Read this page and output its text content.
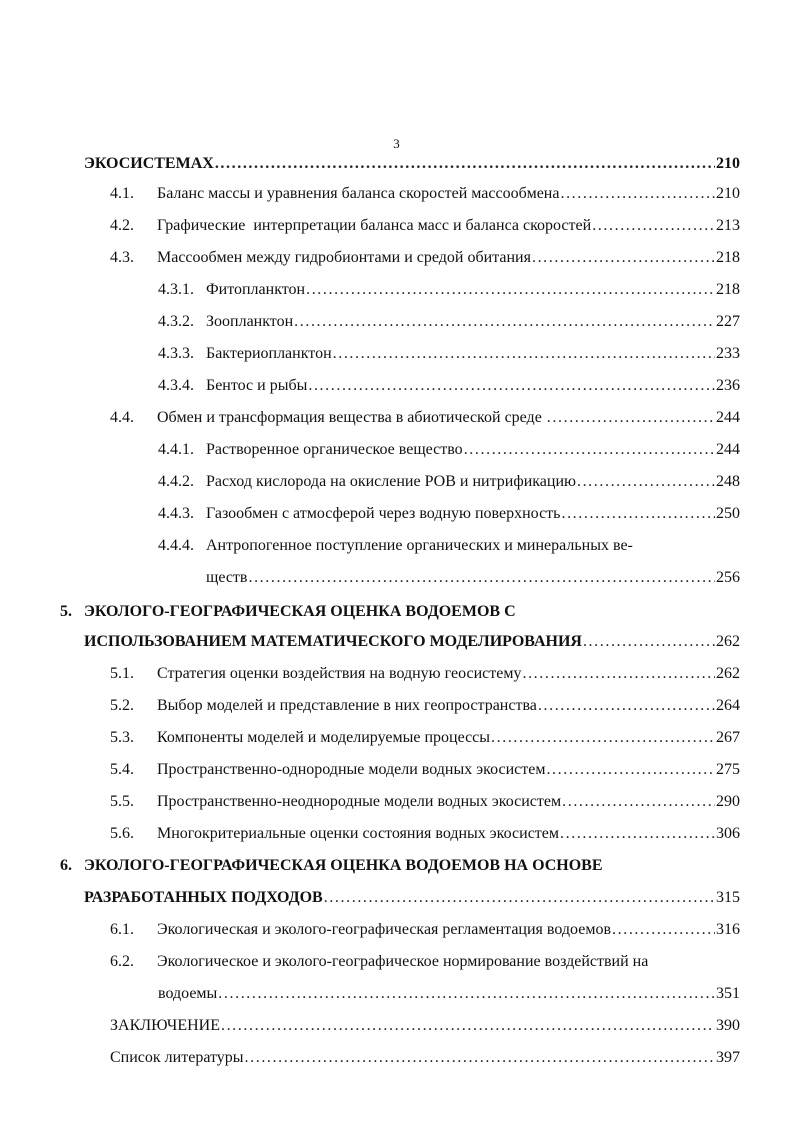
3
ЭКОСИСТЕМАХ . . .	210
4.1.	Баланс массы и уравнения баланса скоростей массообмена . . .	210
4.2.	Графические  интерпретации баланса масс и баланса скоростей . . .	213
4.3.	Массообмен между гидробионтами и средой обитания . . .	218
4.3.1. Фитопланктон . . .	218
4.3.2. Зоопланктон . . .	227
4.3.3. Бактериопланктон . . .	233
4.3.4. Бентос и рыбы . . .	236
4.4.	Обмен и трансформация вещества в абиотической среде . . .	244
4.4.1. Растворенное органическое вещество . . .	244
4.4.2. Расход кислорода на окисление РОВ и нитрификацию . . .	248
4.4.3. Газообмен с атмосферой через водную поверхность . . .	250
4.4.4. Антропогенное поступление органических и минеральных ве-
ществ . . .	256
5. ЭКОЛОГО-ГЕОГРАФИЧЕСКАЯ ОЦЕНКА ВОДОЕМОВ С
ИСПОЛЬЗОВАНИЕМ МАТЕМАТИЧЕСКОГО МОДЕЛИРОВАНИЯ . . .	262
5.1.	Стратегия оценки воздействия на водную геосистему . . .	262
5.2.	Выбор моделей и представление в них геопространства . . .	264
5.3.	Компоненты моделей и моделируемые процессы . . .	267
5.4.	Пространственно-однородные модели водных экосистем . . .	275
5.5.	Пространственно-неоднородные модели водных экосистем . . .	290
5.6.	Многокритериальные оценки состояния водных экосистем . . .	306
6. ЭКОЛОГО-ГЕОГРАФИЧЕСКАЯ ОЦЕНКА ВОДОЕМОВ НА ОСНОВЕ
РАЗРАБОТАННЫХ ПОДХОДОВ . . .	315
6.1.	Экологическая и эколого-географическая регламентация водоемов . . .	316
6.2.	Экологическое и эколого-географическое нормирование воздействий на
водоемы . . .	351
ЗАКЛЮЧЕНИЕ . . .	390
Список литературы . . .	397
